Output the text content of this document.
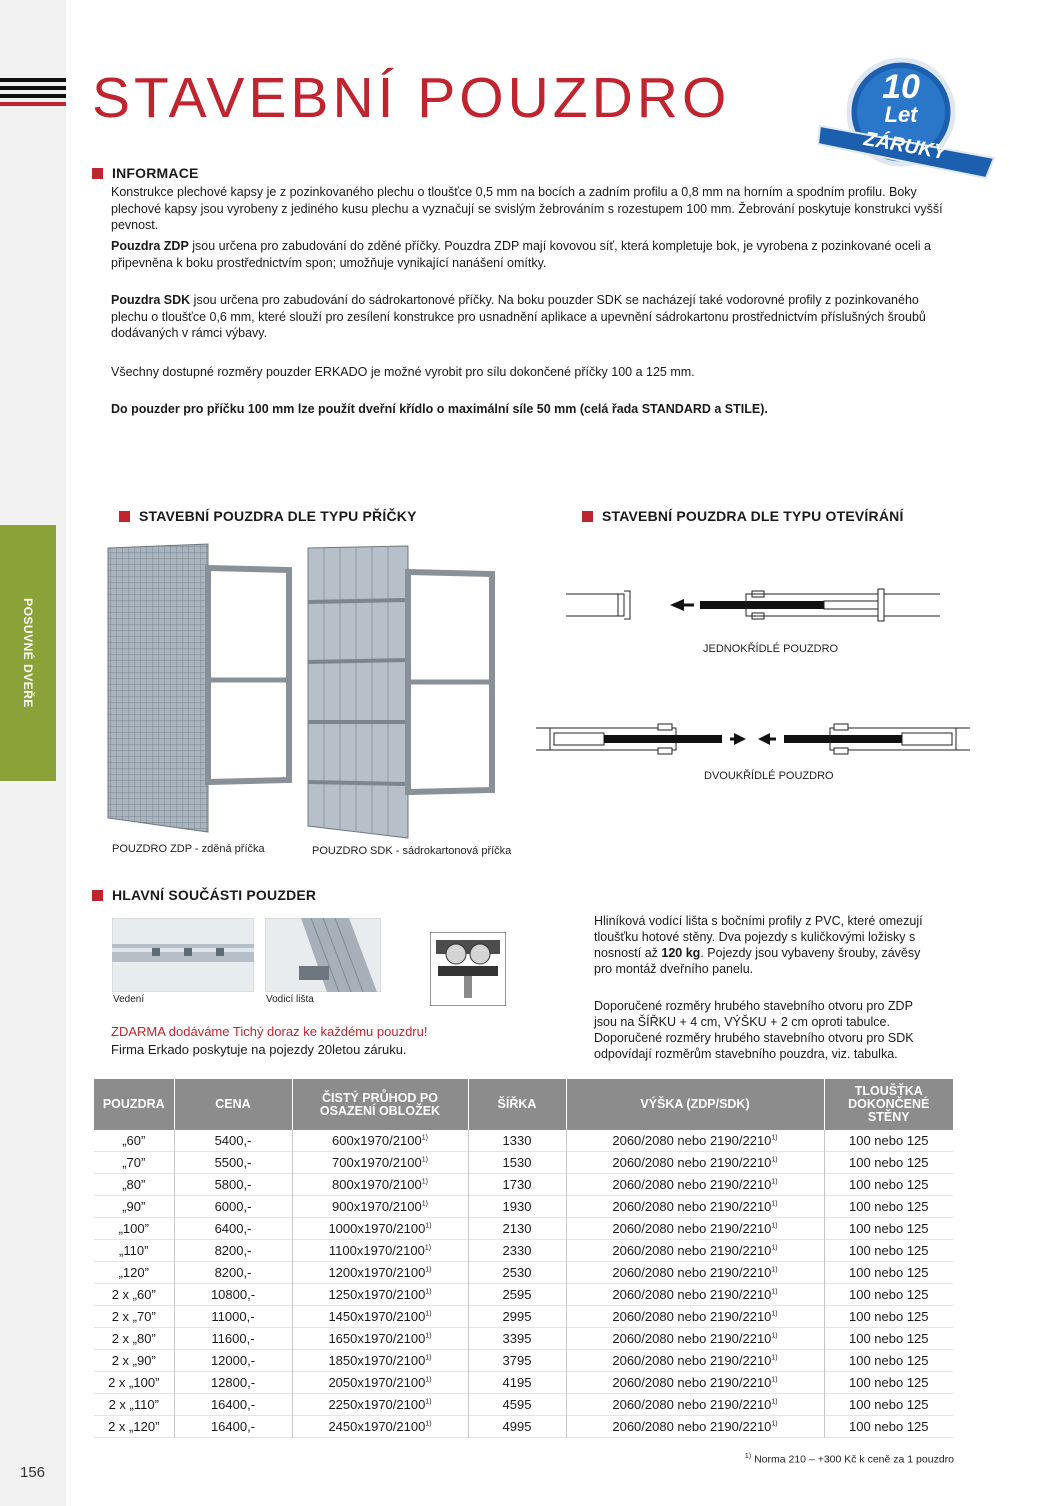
POSUVNÉ DVEŘE
156
STAVEBNÍ POUZDRO	10
Let
ZÁRUKY
INFORMACE

Konstrukce plechové kapsy je z pozinkovaného plechu o tloušťce 0,5 mm na bocích a zadním profilu a 0,8 mm na horním a spodním profilu. Boky plechové kapsy jsou vyrobeny z jediného kusu plechu a vyznačují se svislým žebrováním s rozestupem 100 mm. Žebrování poskytuje konstrukci vyšší pevnost.

Pouzdra ZDP jsou určena pro zabudování do zděné příčky. Pouzdra ZDP mají kovovou síť, která kompletuje bok, je vyrobena z pozinkované oceli a připevněna k boku prostřednictvím spon; umožňuje vynikající nanášení omítky.

Pouzdra SDK jsou určena pro zabudování do sádrokartonové příčky. Na boku pouzder SDK se nacházejí také vodorovné profily z pozinkovaného plechu o tloušťce 0,6 mm, které slouží pro zesílení konstrukce pro usnadnění aplikace a upevnění sádrokartonu prostřednictvím příslušných šroubů dodávaných v rámci výbavy.

Všechny dostupné rozměry pouzder ERKADO je možné vyrobit pro sílu dokončené příčky 100 a 125 mm.

Do pouzder pro příčku 100 mm lze použít dveřní křídlo o maximální síle 50 mm (celá řada STANDARD a STILE).

STAVEBNÍ POUZDRA DLE TYPU PŘÍČKY
POUZDRO ZDP - zděná příčka	POUZDRO SDK - sádrokartonová příčka
STAVEBNÍ POUZDRA DLE TYPU OTEVÍRÁNÍ
JEDNOKŘÍDLÉ POUZDRO
DVOUKŘÍDLÉ POUZDRO
HLAVNÍ SOUČÁSTI POUZDER
Vedení	Vodicí lišta
ZDARMA dodáváme Tichý doraz ke každému pouzdru!
Firma Erkado poskytuje na pojezdy 20letou záruku.

Hliníková vodící lišta s bočními profily z PVC, které omezují tloušťku hotové stěny. Dva pojezdy s kuličkovými ložisky s nosností až 120 kg. Pojezdy jsou vybaveny šrouby, závěsy pro montáž dveřního panelu.

Doporučené rozměry hrubého stavebního otvoru pro ZDP jsou na ŠÍŘKU + 4 cm, VÝŠKU + 2 cm oproti tabulce. Doporučené rozměry hrubého stavebního otvoru pro SDK odpovídají rozměrům stavebního pouzdra, viz. tabulka.

POUZDRA	CENA	ČISTÝ PRŮHOD PO OSAZENÍ OBLOŽEK	ŠÍŘKA	VÝŠKA (ZDP/SDK)	TLOUŠŤKA DOKONČENÉ STĚNY
„60”	5400,-	600x1970/2100$^{1)}$	1330	2060/2080 nebo 2190/2210$^{1)}$	100 nebo 125
„70”	5500,-	700x1970/2100$^{1)}$	1530	2060/2080 nebo 2190/2210$^{1)}$	100 nebo 125
„80”	5800,-	800x1970/2100$^{1)}$	1730	2060/2080 nebo 2190/2210$^{1)}$	100 nebo 125
„90”	6000,-	900x1970/2100$^{1)}$	1930	2060/2080 nebo 2190/2210$^{1)}$	100 nebo 125
„100”	6400,-	1000x1970/2100$^{1)}$	2130	2060/2080 nebo 2190/2210$^{1)}$	100 nebo 125
„110”	8200,-	1100x1970/2100$^{1)}$	2330	2060/2080 nebo 2190/2210$^{1)}$	100 nebo 125
„120”	8200,-	1200x1970/2100$^{1)}$	2530	2060/2080 nebo 2190/2210$^{1)}$	100 nebo 125
2 x „60”	10800,-	1250x1970/2100$^{1)}$	2595	2060/2080 nebo 2190/2210$^{1)}$	100 nebo 125
2 x „70”	11000,-	1450x1970/2100$^{1)}$	2995	2060/2080 nebo 2190/2210$^{1)}$	100 nebo 125
2 x „80”	11600,-	1650x1970/2100$^{1)}$	3395	2060/2080 nebo 2190/2210$^{1)}$	100 nebo 125
2 x „90”	12000,-	1850x1970/2100$^{1)}$	3795	2060/2080 nebo 2190/2210$^{1)}$	100 nebo 125
2 x „100”	12800,-	2050x1970/2100$^{1)}$	4195	2060/2080 nebo 2190/2210$^{1)}$	100 nebo 125
2 x „110”	16400,-	2250x1970/2100$^{1)}$	4595	2060/2080 nebo 2190/2210$^{1)}$	100 nebo 125
2 x „120”	16400,-	2450x1970/2100$^{1)}$	4995	2060/2080 nebo 2190/2210$^{1)}$	100 nebo 125
$^{1)}$ Norma 210 – +300 Kč k ceně za 1 pouzdro
